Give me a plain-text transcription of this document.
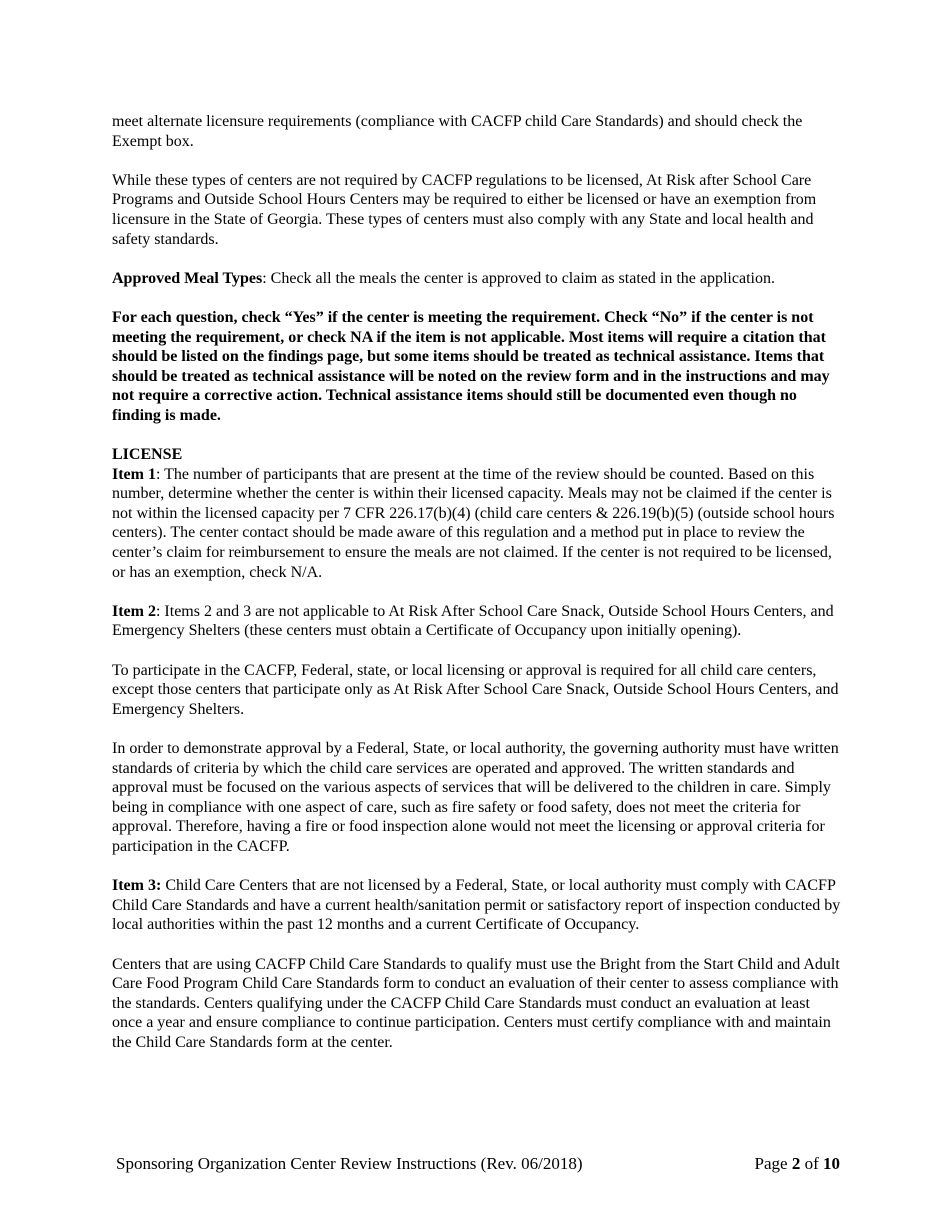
meet alternate licensure requirements (compliance with CACFP child Care Standards) and should check the Exempt box.

While these types of centers are not required by CACFP regulations to be licensed, At Risk after School Care Programs and Outside School Hours Centers may be required to either be licensed or have an exemption from licensure in the State of Georgia. These types of centers must also comply with any State and local health and safety standards.

Approved Meal Types: Check all the meals the center is approved to claim as stated in the application.

For each question, check “Yes” if the center is meeting the requirement. Check “No” if the center is not meeting the requirement, or check NA if the item is not applicable. Most items will require a citation that should be listed on the findings page, but some items should be treated as technical assistance. Items that should be treated as technical assistance will be noted on the review form and in the instructions and may not require a corrective action. Technical assistance items should still be documented even though no finding is made.

LICENSE

Item 1: The number of participants that are present at the time of the review should be counted. Based on this number, determine whether the center is within their licensed capacity. Meals may not be claimed if the center is not within the licensed capacity per 7 CFR 226.17(b)(4) (child care centers & 226.19(b)(5) (outside school hours centers). The center contact should be made aware of this regulation and a method put in place to review the center’s claim for reimbursement to ensure the meals are not claimed. If the center is not required to be licensed, or has an exemption, check N/A.

Item 2: Items 2 and 3 are not applicable to At Risk After School Care Snack, Outside School Hours Centers, and Emergency Shelters (these centers must obtain a Certificate of Occupancy upon initially opening).

To participate in the CACFP, Federal, state, or local licensing or approval is required for all child care centers, except those centers that participate only as At Risk After School Care Snack, Outside School Hours Centers, and Emergency Shelters.

In order to demonstrate approval by a Federal, State, or local authority, the governing authority must have written standards of criteria by which the child care services are operated and approved. The written standards and approval must be focused on the various aspects of services that will be delivered to the children in care. Simply being in compliance with one aspect of care, such as fire safety or food safety, does not meet the criteria for approval. Therefore, having a fire or food inspection alone would not meet the licensing or approval criteria for participation in the CACFP.

Item 3: Child Care Centers that are not licensed by a Federal, State, or local authority must comply with CACFP Child Care Standards and have a current health/sanitation permit or satisfactory report of inspection conducted by local authorities within the past 12 months and a current Certificate of Occupancy.

Centers that are using CACFP Child Care Standards to qualify must use the Bright from the Start Child and Adult Care Food Program Child Care Standards form to conduct an evaluation of their center to assess compliance with the standards. Centers qualifying under the CACFP Child Care Standards must conduct an evaluation at least once a year and ensure compliance to continue participation. Centers must certify compliance with and maintain the Child Care Standards form at the center.

Sponsoring Organization Center Review Instructions (Rev. 06/2018)	Page 2 of 10
